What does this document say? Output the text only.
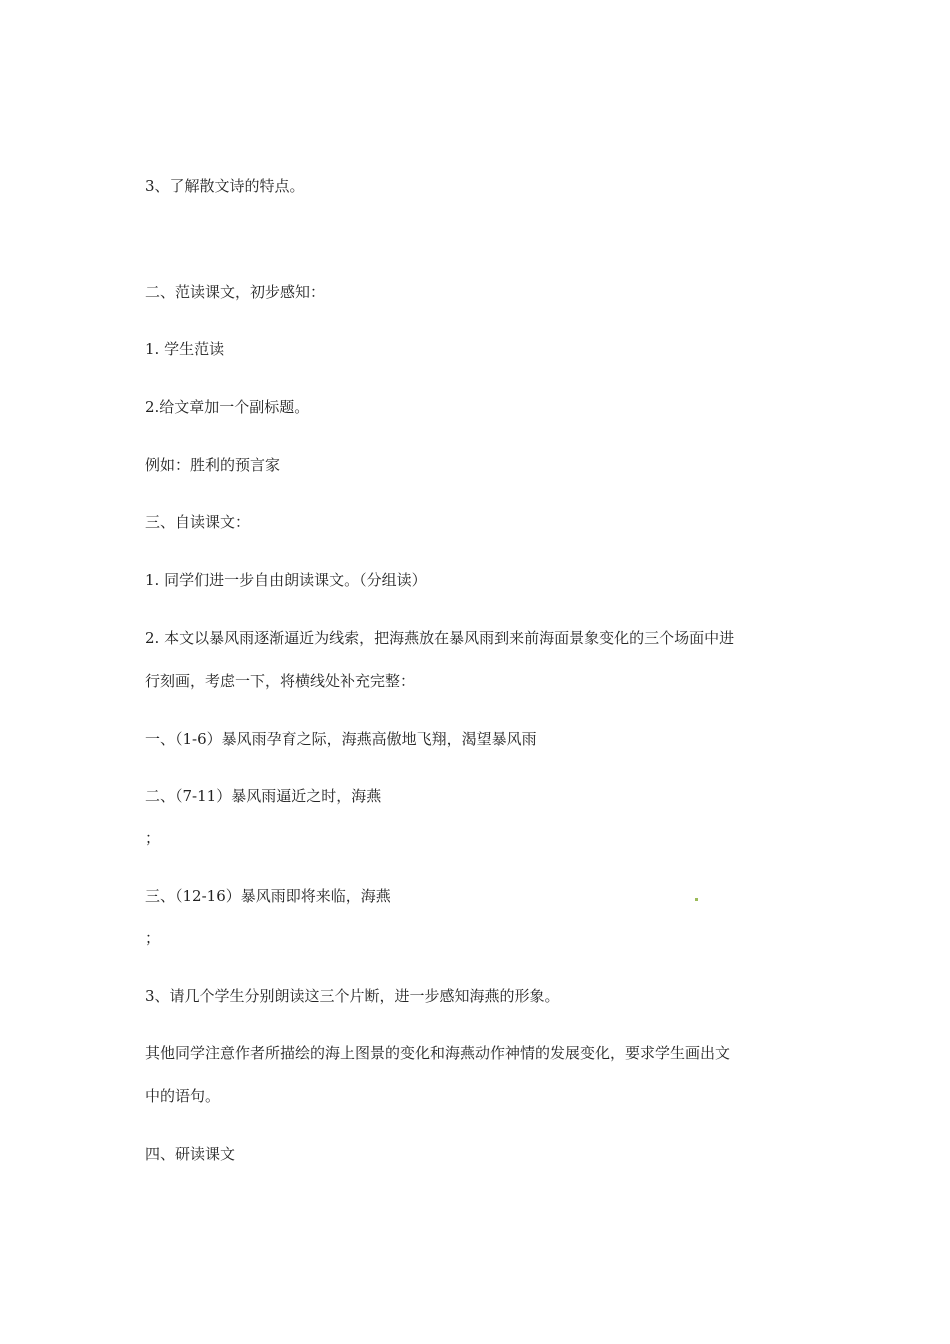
3、了解散文诗的特点。

二、范读课文，初步感知：

1. 学生范读

2.给文章加一个副标题。

例如：胜利的预言家

三、自读课文：

1. 同学们进一步自由朗读课文。（分组读）

2. 本文以暴风雨逐渐逼近为线索，把海燕放在暴风雨到来前海面景象变化的三个场面中进

行刻画，考虑一下，将横线处补充完整：

一、（1-6）暴风雨孕育之际，海燕高傲地飞翔，渴望暴风雨

二、（7-11）暴风雨逼近之时，海燕

；

三、（12-16）暴风雨即将来临，海燕

；

3、请几个学生分别朗读这三个片断，进一步感知海燕的形象。

其他同学注意作者所描绘的海上图景的变化和海燕动作神情的发展变化，要求学生画出文

中的语句。

四、研读课文
